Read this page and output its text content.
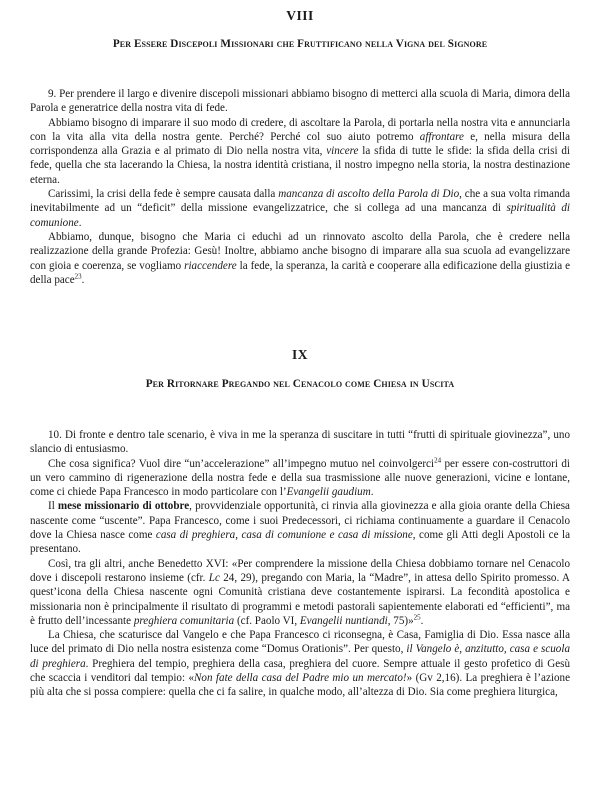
VIII
Per Essere Discepoli Missionari che Fruttificano nella Vigna del Signore

9. Per prendere il largo e divenire discepoli missionari abbiamo bisogno di metterci alla scuola di Maria, dimora della Parola e generatrice della nostra vita di fede.

Abbiamo bisogno di imparare il suo modo di credere, di ascoltare la Parola, di portarla nella nostra vita e annunciarla con la vita alla vita della nostra gente. Perché? Perché col suo aiuto potremo affrontare e, nella misura della corrispondenza alla Grazia e al primato di Dio nella nostra vita, vincere la sfida di tutte le sfide: la sfida della crisi di fede, quella che sta lacerando la Chiesa, la nostra identità cristiana, il nostro impegno nella storia, la nostra destinazione eterna.

Carissimi, la crisi della fede è sempre causata dalla mancanza di ascolto della Parola di Dio, che a sua volta rimanda inevitabilmente ad un “deficit” della missione evangelizzatrice, che si collega ad una mancanza di spiritualità di comunione.

Abbiamo, dunque, bisogno che Maria ci educhi ad un rinnovato ascolto della Parola, che è credere nella realizzazione della grande Profezia: Gesù! Inoltre, abbiamo anche bisogno di imparare alla sua scuola ad evangelizzare con gioia e coerenza, se vogliamo riaccendere la fede, la speranza, la carità e cooperare alla edificazione della giustizia e della pace$^{23}$.

IX
Per Ritornare Pregando nel Cenacolo come Chiesa in Uscita

10. Di fronte e dentro tale scenario, è viva in me la speranza di suscitare in tutti “frutti di spirituale giovinezza”, uno slancio di entusiasmo.

Che cosa significa? Vuol dire “un’accelerazione” all’impegno mutuo nel coinvolgerci$^{24}$ per essere con-costruttori di un vero cammino di rigenerazione della nostra fede e della sua trasmissione alle nuove generazioni, vicine e lontane, come ci chiede Papa Francesco in modo particolare con l’Evangelii gaudium.

Il mese missionario di ottobre, provvidenziale opportunità, ci rinvia alla giovinezza e alla gioia orante della Chiesa nascente come “uscente”. Papa Francesco, come i suoi Predecessori, ci richiama continuamente a guardare il Cenacolo dove la Chiesa nasce come casa di preghiera, casa di comunione e casa di missione, come gli Atti degli Apostoli ce la presentano.

Così, tra gli altri, anche Benedetto XVI: «Per comprendere la missione della Chiesa dobbiamo tornare nel Cenacolo dove i discepoli restarono insieme (cfr. Lc 24, 29), pregando con Maria, la “Madre”, in attesa dello Spirito promesso. A quest’icona della Chiesa nascente ogni Comunità cristiana deve costantemente ispirarsi. La fecondità apostolica e missionaria non è principalmente il risultato di programmi e metodi pastorali sapientemente elaborati ed “efficienti”, ma è frutto dell’incessante preghiera comunitaria (cf. Paolo VI, Evangelii nuntiandi, 75)»$^{25}$.

La Chiesa, che scaturisce dal Vangelo e che Papa Francesco ci riconsegna, è Casa, Famiglia di Dio. Essa nasce alla luce del primato di Dio nella nostra esistenza come “Domus Orationis”. Per questo, il Vangelo è, anzitutto, casa e scuola di preghiera. Preghiera del tempio, preghiera della casa, preghiera del cuore. Sempre attuale il gesto profetico di Gesù che scaccia i venditori dal tempio: «Non fate della casa del Padre mio un mercato!» (Gv 2,16). La preghiera è l’azione più alta che si possa compiere: quella che ci fa salire, in qualche modo, all’altezza di Dio. Sia come preghiera liturgica,
